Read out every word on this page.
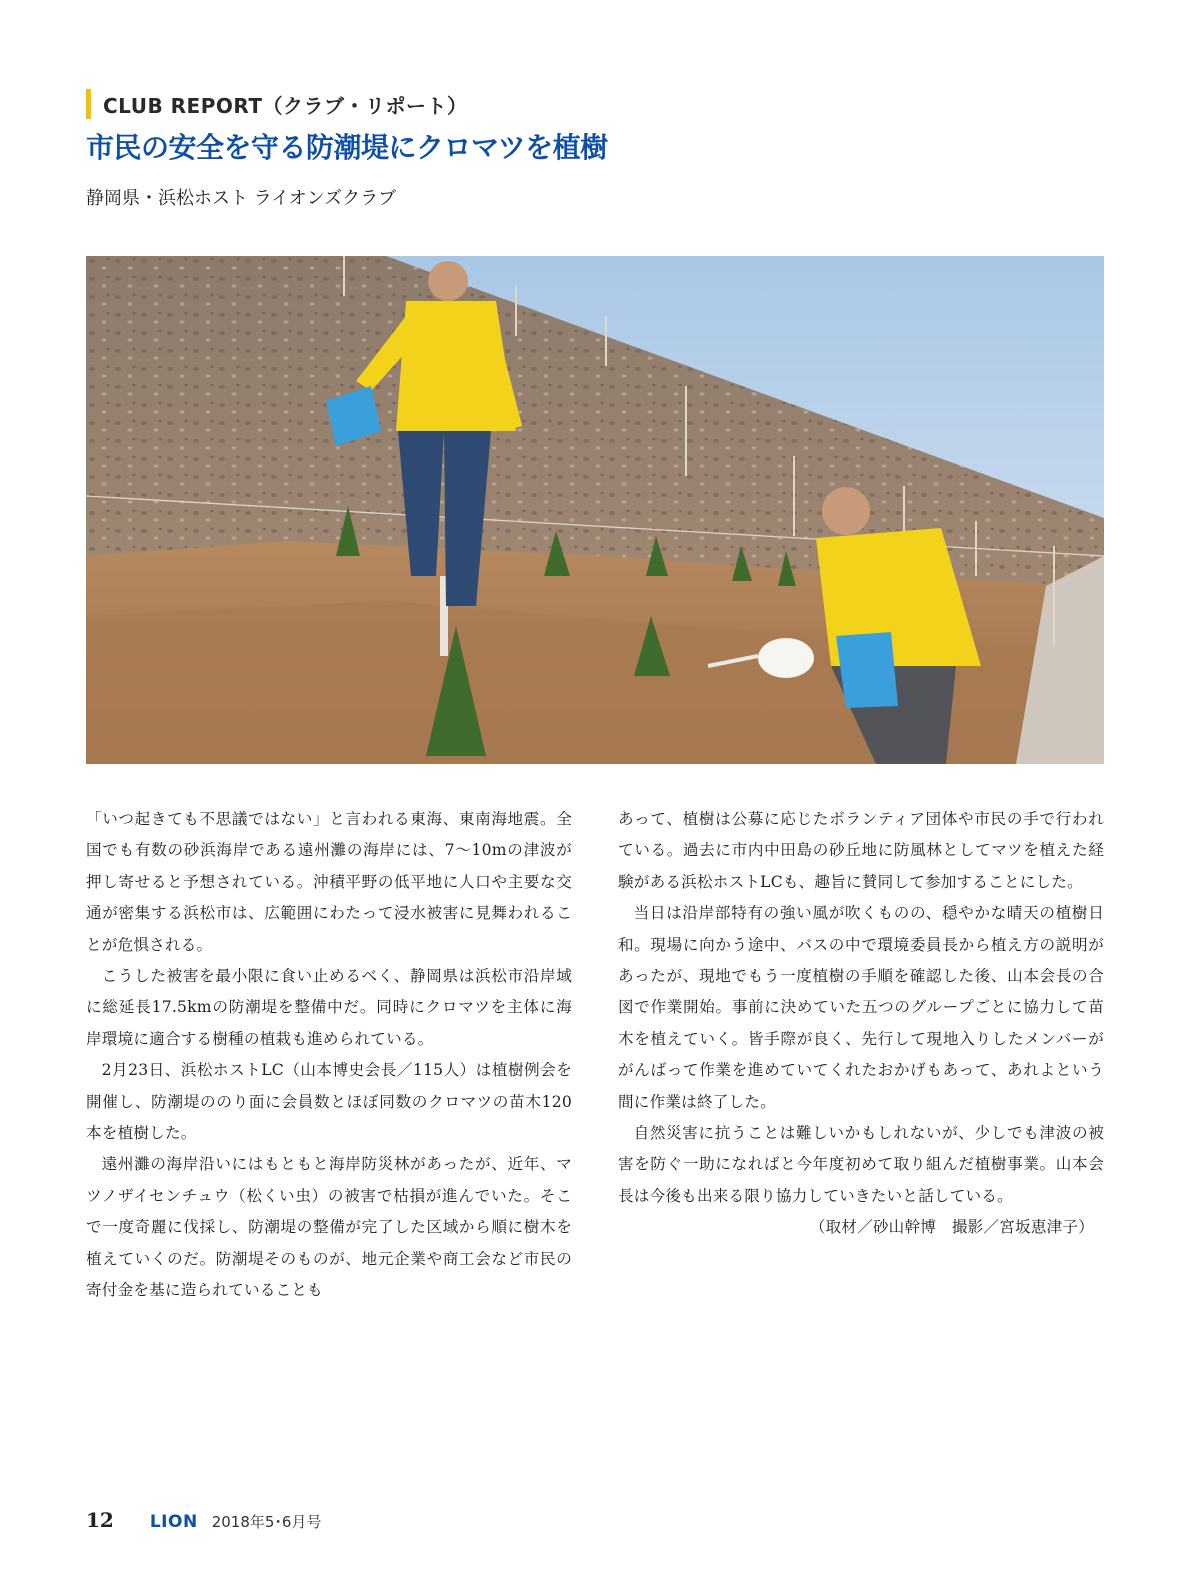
CLUB REPORT（クラブ・リポート）
市民の安全を守る防潮堤にクロマツを植樹
静岡県・浜松ホスト ライオンズクラブ

「いつ起きても不思議ではない」と言われる東海、東南海地震。全国でも有数の砂浜海岸である遠州灘の海岸には、7〜10mの津波が押し寄せると予想されている。沖積平野の低平地に人口や主要な交通が密集する浜松市は、広範囲にわたって浸水被害に見舞われることが危惧される。

こうした被害を最小限に食い止めるべく、静岡県は浜松市沿岸域に総延長17.5kmの防潮堤を整備中だ。同時にクロマツを主体に海岸環境に適合する樹種の植栽も進められている。

2月23日、浜松ホストLC（山本博史会長／115人）は植樹例会を開催し、防潮堤ののり面に会員数とほぼ同数のクロマツの苗木120本を植樹した。

遠州灘の海岸沿いにはもともと海岸防災林があったが、近年、マツノザイセンチュウ（松くい虫）の被害で枯損が進んでいた。そこで一度奇麗に伐採し、防潮堤の整備が完了した区域から順に樹木を植えていくのだ。防潮堤そのものが、地元企業や商工会など市民の寄付金を基に造られていることも

あって、植樹は公募に応じたボランティア団体や市民の手で行われている。過去に市内中田島の砂丘地に防風林としてマツを植えた経験がある浜松ホストLCも、趣旨に賛同して参加することにした。

当日は沿岸部特有の強い風が吹くものの、穏やかな晴天の植樹日和。現場に向かう途中、バスの中で環境委員長から植え方の説明があったが、現地でもう一度植樹の手順を確認した後、山本会長の合図で作業開始。事前に決めていた五つのグループごとに協力して苗木を植えていく。皆手際が良く、先行して現地入りしたメンバーががんばって作業を進めていてくれたおかげもあって、あれよという間に作業は終了した。

自然災害に抗うことは難しいかもしれないが、少しでも津波の被害を防ぐ一助になればと今年度初めて取り組んだ植樹事業。山本会長は今後も出来る限り協力していきたいと話している。

（取材／砂山幹博　撮影／宮坂恵津子）

12 LION 2018年5･6月号
